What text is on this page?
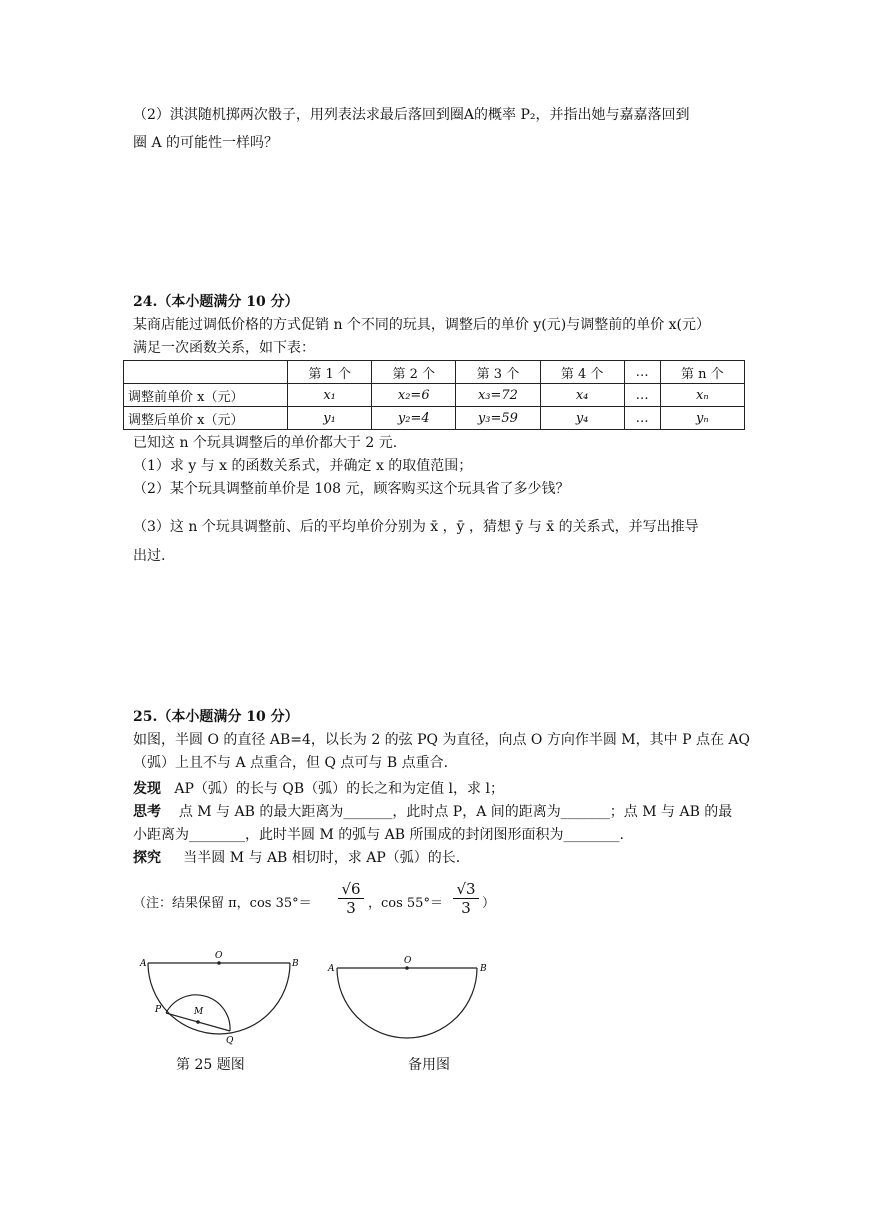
（2）淇淇随机掷两次骰子，用列表法求最后落回到圈A的概率 P₂，并指出她与嘉嘉落回到
圈 A 的可能性一样吗？
24.（本小题满分 10 分）
某商店能过调低价格的方式促销 n 个不同的玩具，调整后的单价 y(元)与调整前的单价 x(元）
满足一次函数关系，如下表：
	第 1 个	第 2 个	第 3 个	第 4 个	…	第 n 个
调整前单价 x（元）	x₁	x₂=6	x₃=72	x₄	…	xₙ
调整后单价 x（元）	y₁	y₂=4	y₃=59	y₄	…	yₙ
已知这 n 个玩具调整后的单价都大于 2 元.
（1）求 y 与 x 的函数关系式，并确定 x 的取值范围；
（2）某个玩具调整前单价是 108 元，顾客购买这个玩具省了多少钱？
（3）这 n 个玩具调整前、后的平均单价分别为 x̄ ，ȳ ，猜想 ȳ 与 x̄ 的关系式，并写出推导
出过.
25.（本小题满分 10 分）
如图，半圆 O 的直径 AB=4，以长为 2 的弦 PQ 为直径，向点 O 方向作半圆 M，其中 P 点在 AQ
（弧）上且不与 A 点重合，但 Q 点可与 B 点重合.
发现 AP（弧）的长与 QB（弧）的长之和为定值 l，求 l；
思考 点 M 与 AB 的最大距离为_______，此时点 P，A 间的距离为_______；点 M 与 AB 的最
小距离为________，此时半圆 M 的弧与 AB 所围成的封闭图形面积为________.
探究 当半圆 M 与 AB 相切时，求 AP（弧）的长.
（注：结果保留 π，$\cos 35^\circ= \frac{√6}{3}$ ，$\cos 55^\circ= \frac{√3}{3}$ ）
A
O
B
P	M
Q
A
O
B
第 25 题图	备用图
